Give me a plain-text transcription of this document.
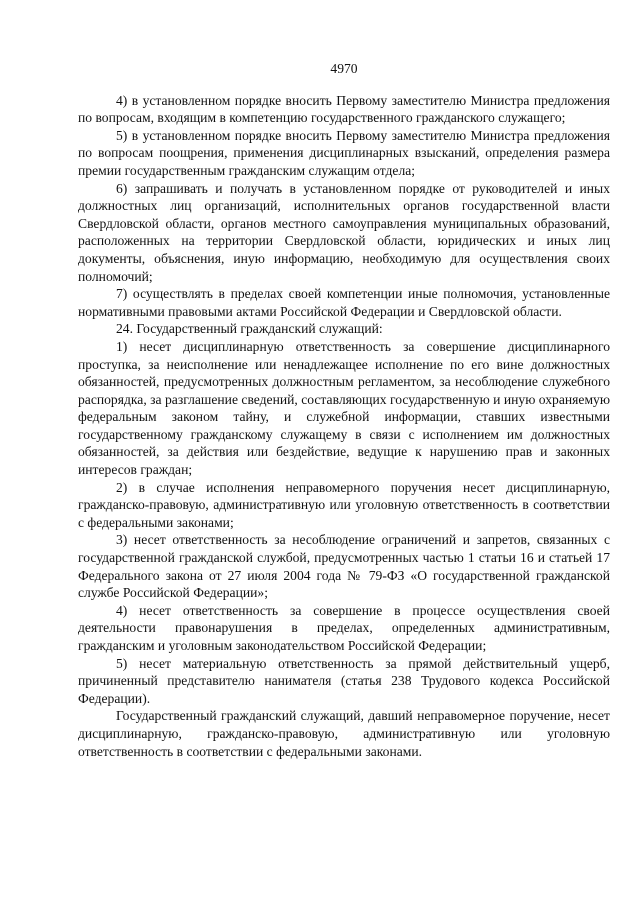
4970

4) в установленном порядке вносить Первому заместителю Министра предложения по вопросам, входящим в компетенцию государственного гражданского служащего;

5) в установленном порядке вносить Первому заместителю Министра предложения по вопросам поощрения, применения дисциплинарных взысканий, определения размера премии государственным гражданским служащим отдела;

6) запрашивать и получать в установленном порядке от руководителей и иных должностных лиц организаций, исполнительных органов государственной власти Свердловской области, органов местного самоуправления муниципальных образований, расположенных на территории Свердловской области, юридических и иных лиц документы, объяснения, иную информацию, необходимую для осуществления своих полномочий;

7) осуществлять в пределах своей компетенции иные полномочия, установленные нормативными правовыми актами Российской Федерации и Свердловской области.

24. Государственный гражданский служащий:

1) несет дисциплинарную ответственность за совершение дисциплинарного проступка, за неисполнение или ненадлежащее исполнение по его вине должностных обязанностей, предусмотренных должностным регламентом, за несоблюдение служебного распорядка, за разглашение сведений, составляющих государственную и иную охраняемую федеральным законом тайну, и служебной информации, ставших известными государственному гражданскому служащему в связи с исполнением им должностных обязанностей, за действия или бездействие, ведущие к нарушению прав и законных интересов граждан;

2) в случае исполнения неправомерного поручения несет дисциплинарную, гражданско-правовую, административную или уголовную ответственность в соответствии с федеральными законами;

3) несет ответственность за несоблюдение ограничений и запретов, связанных с государственной гражданской службой, предусмотренных частью 1 статьи 16 и статьей 17 Федерального закона от 27 июля 2004 года № 79-ФЗ «О государственной гражданской службе Российской Федерации»;

4) несет ответственность за совершение в процессе осуществления своей деятельности правонарушения в пределах, определенных административным, гражданским и уголовным законодательством Российской Федерации;

5) несет материальную ответственность за прямой действительный ущерб, причиненный представителю нанимателя (статья 238 Трудового кодекса Российской Федерации).

Государственный гражданский служащий, давший неправомерное поручение, несет дисциплинарную, гражданско-правовую, административную или уголовную ответственность в соответствии с федеральными законами.
